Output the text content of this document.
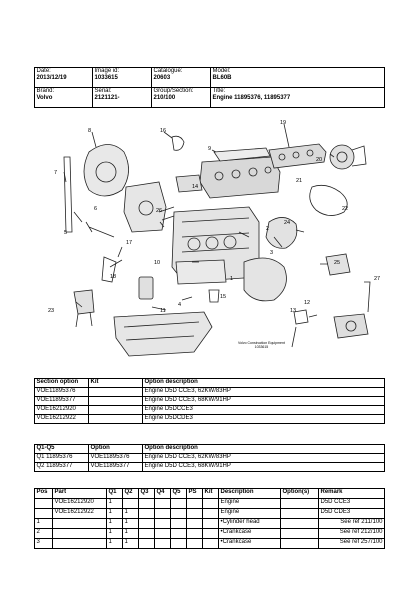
Date:
2013/12/19	Image id:
1033615	Catalogue:
20603	Model:
BL60B

Brand:
Volvo	Serial:
2121121-	Group/Section:
210/100	Title:
Engine 11895376, 11895377
8	16
9
19
20
21
22
7
6	26
14
5
17
18
10
2
24
3
25
1
4
23	11	13
12
27
15
Volvo Construction Equipment
1033615
Section option	Kit	Option description
VOE11895376		Engine D5D CCE3, 62KW/83HP
VOE11895377		Engine D5D CCE3, 68KW/91HP
VOE16212920		Engine D5DCCE3
VOE16212922		Engine D5DCDE3
Q1-Q5	Option	Option description
Q1 11895376	VOE11895376	Engine D5D CCE3, 62KW/83HP
Q2 11895377	VOE11895377	Engine D5D CCE3, 68KW/91HP
Pos	Part	Q1	Q2	Q3	Q4	Q5	PS	Kit	Description	Option(s)	Remark
	VOE16212920	1							Engine		D5D CCE3
	VOE16212922	1	1						Engine		D5D CDE3
1		1	1						•Cylinder head		See ref 211/100
2		1	1						•Crankcase		See ref 212/100
3		1	1						•Crankcase		See ref 257/100
